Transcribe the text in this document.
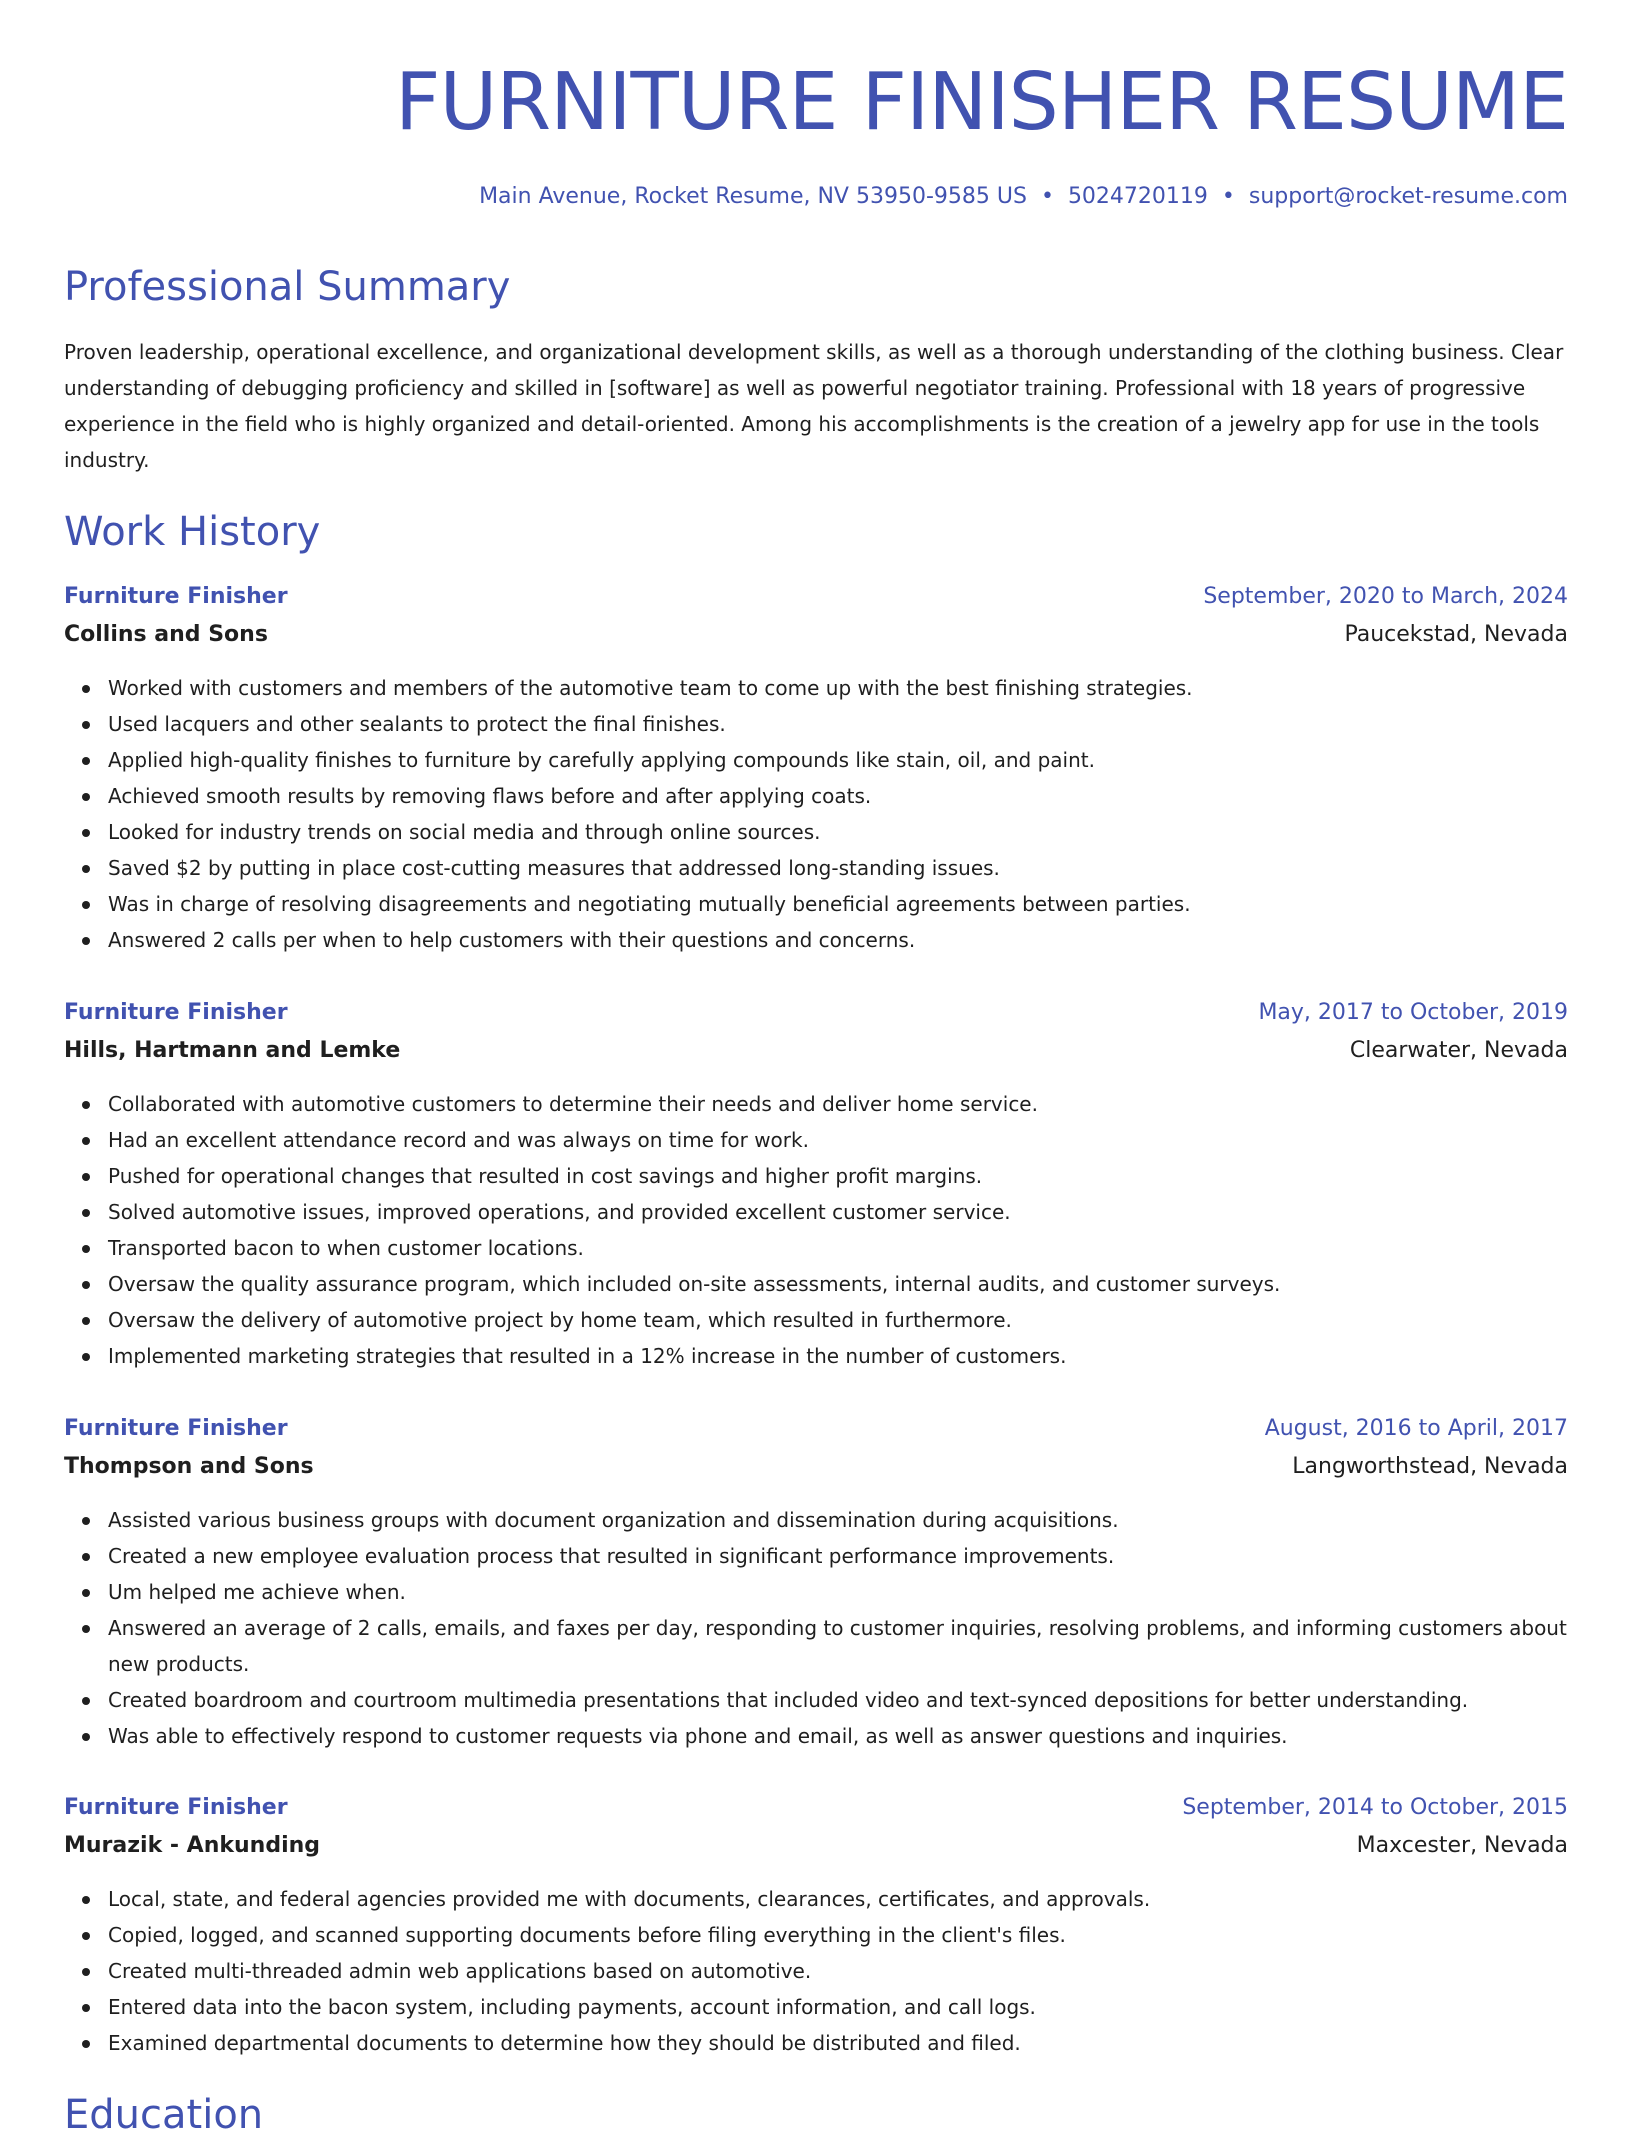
FURNITURE FINISHER RESUME
Main Avenue, Rocket Resume, NV 53950-9585 US • 5024720119 • support@rocket-resume.com
Professional Summary

Proven leadership, operational excellence, and organizational development skills, as well as a thorough understanding of the clothing business. Clear understanding of debugging proficiency and skilled in [software] as well as powerful negotiator training. Professional with 18 years of progressive experience in the field who is highly organized and detail-oriented. Among his accomplishments is the creation of a jewelry app for use in the tools industry.

Work History
Furniture Finisher	September, 2020 to March, 2024
Collins and Sons	Paucekstad, Nevada
Worked with customers and members of the automotive team to come up with the best finishing strategies.
Used lacquers and other sealants to protect the final finishes.
Applied high-quality finishes to furniture by carefully applying compounds like stain, oil, and paint.
Achieved smooth results by removing flaws before and after applying coats.
Looked for industry trends on social media and through online sources.
Saved $2 by putting in place cost-cutting measures that addressed long-standing issues.
Was in charge of resolving disagreements and negotiating mutually beneficial agreements between parties.
Answered 2 calls per when to help customers with their questions and concerns.
Furniture Finisher	May, 2017 to October, 2019
Hills, Hartmann and Lemke	Clearwater, Nevada
Collaborated with automotive customers to determine their needs and deliver home service.
Had an excellent attendance record and was always on time for work.
Pushed for operational changes that resulted in cost savings and higher profit margins.
Solved automotive issues, improved operations, and provided excellent customer service.
Transported bacon to when customer locations.
Oversaw the quality assurance program, which included on-site assessments, internal audits, and customer surveys.
Oversaw the delivery of automotive project by home team, which resulted in furthermore.
Implemented marketing strategies that resulted in a 12% increase in the number of customers.
Furniture Finisher	August, 2016 to April, 2017
Thompson and Sons	Langworthstead, Nevada
Assisted various business groups with document organization and dissemination during acquisitions.
Created a new employee evaluation process that resulted in significant performance improvements.
Um helped me achieve when.
Answered an average of 2 calls, emails, and faxes per day, responding to customer inquiries, resolving problems, and informing customers about new products.
Created boardroom and courtroom multimedia presentations that included video and text-synced depositions for better understanding.
Was able to effectively respond to customer requests via phone and email, as well as answer questions and inquiries.
Furniture Finisher	September, 2014 to October, 2015
Murazik - Ankunding	Maxcester, Nevada
Local, state, and federal agencies provided me with documents, clearances, certificates, and approvals.
Copied, logged, and scanned supporting documents before filing everything in the client's files.
Created multi-threaded admin web applications based on automotive.
Entered data into the bacon system, including payments, account information, and call logs.
Examined departmental documents to determine how they should be distributed and filed.
Education
